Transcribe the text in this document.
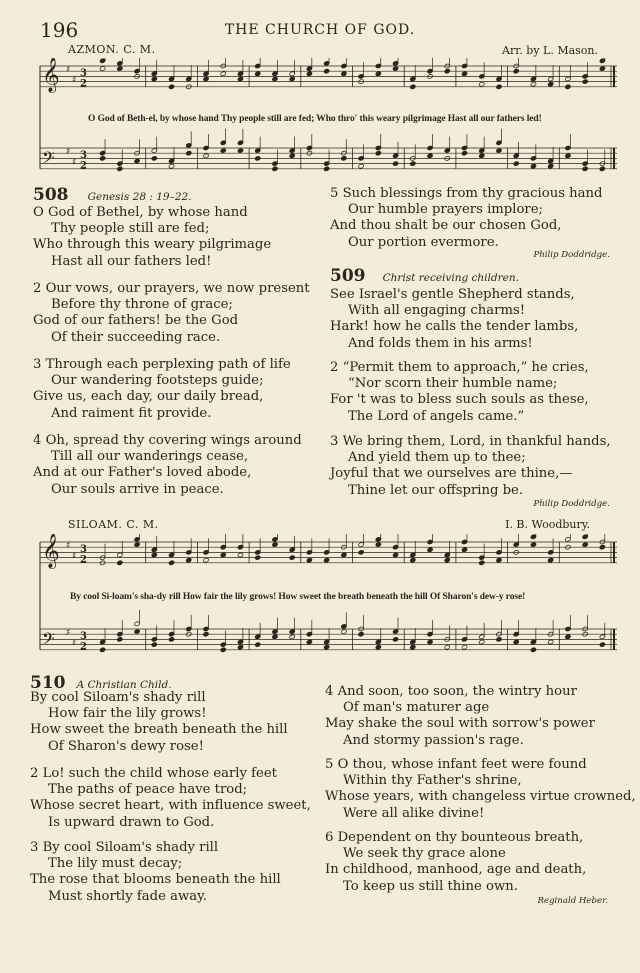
196	THE CHURCH OF GOD.
AZMON. C. M.	Arr. by L. Mason.
𝄞 ♯
♯
3
2
𝄢 ♯
♯
3
2
O God of Beth-el, by whose hand Thy people still are fed; Who thro' this weary pilgrimage Hast all our fathers led!
508 Genesis 28 : 19–22.
O God of Bethel, by whose hand
Thy people still are fed;
Who through this weary pilgrimage
Hast all our fathers led!
2 Our vows, our prayers, we now present
Before thy throne of grace;
God of our fathers! be the God
Of their succeeding race.
3 Through each perplexing path of life
Our wandering footsteps guide;
Give us, each day, our daily bread,
And raiment fit provide.
4 Oh, spread thy covering wings around
Till all our wanderings cease,
And at our Father's loved abode,
Our souls arrive in peace.
5 Such blessings from thy gracious hand
Our humble prayers implore;
And thou shalt be our chosen God,
Our portion evermore.
Philip Doddridge.
509 Christ receiving children.
See Israel's gentle Shepherd stands,
With all engaging charms!
Hark! how he calls the tender lambs,
And folds them in his arms!
2 “Permit them to approach,” he cries,
“Nor scorn their humble name;
For 't was to bless such souls as these,
The Lord of angels came.”
3 We bring them, Lord, in thankful hands,
And yield them up to thee;
Joyful that we ourselves are thine,—
Thine let our offspring be.
Philip Doddridge.
SILOAM. C. M.	I. B. Woodbury.
𝄞 ♯
♯
3
2
𝄢 ♯
♯
3
2
By cool Si-loam's sha-dy rill How fair the lily grows! How sweet the breath beneath the hill Of Sharon's dew-y rose!
510 A Christian Child.
By cool Siloam's shady rill
How fair the lily grows!
How sweet the breath beneath the hill
Of Sharon's dewy rose!
2 Lo! such the child whose early feet
The paths of peace have trod;
Whose secret heart, with influence sweet,
Is upward drawn to God.
3 By cool Siloam's shady rill
The lily must decay;
The rose that blooms beneath the hill
Must shortly fade away.
4 And soon, too soon, the wintry hour
Of man's maturer age
May shake the soul with sorrow's power
And stormy passion's rage.
5 O thou, whose infant feet were found
Within thy Father's shrine,
Whose years, with changeless virtue crowned,
Were all alike divine!
6 Dependent on thy bounteous breath,
We seek thy grace alone
In childhood, manhood, age and death,
To keep us still thine own.
Reginald Heber.
